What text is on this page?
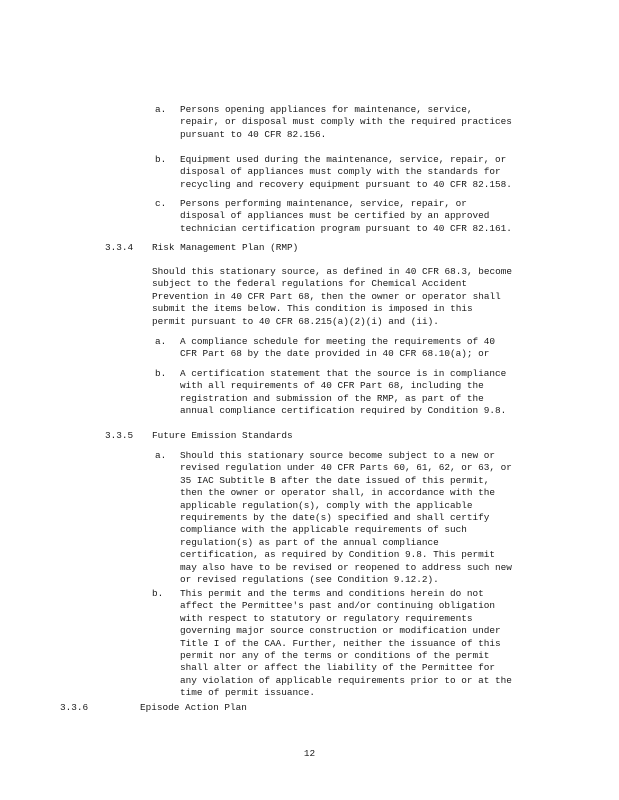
a. Persons opening appliances for maintenance, service,
repair, or disposal must comply with the required practices
pursuant to 40 CFR 82.156.
b. Equipment used during the maintenance, service, repair, or
disposal of appliances must comply with the standards for
recycling and recovery equipment pursuant to 40 CFR 82.158.
c. Persons performing maintenance, service, repair, or
disposal of appliances must be certified by an approved
technician certification program pursuant to 40 CFR 82.161.
3.3.4 Risk Management Plan (RMP)
Should this stationary source, as defined in 40 CFR 68.3, become
subject to the federal regulations for Chemical Accident
Prevention in 40 CFR Part 68, then the owner or operator shall
submit the items below. This condition is imposed in this
permit pursuant to 40 CFR 68.215(a)(2)(i) and (ii).
a. A compliance schedule for meeting the requirements of 40
CFR Part 68 by the date provided in 40 CFR 68.10(a); or
b. A certification statement that the source is in compliance
with all requirements of 40 CFR Part 68, including the
registration and submission of the RMP, as part of the
annual compliance certification required by Condition 9.8.
3.3.5 Future Emission Standards
a. Should this stationary source become subject to a new or
revised regulation under 40 CFR Parts 60, 61, 62, or 63, or
35 IAC Subtitle B after the date issued of this permit,
then the owner or operator shall, in accordance with the
applicable regulation(s), comply with the applicable
requirements by the date(s) specified and shall certify
compliance with the applicable requirements of such
regulation(s) as part of the annual compliance
certification, as required by Condition 9.8. This permit
may also have to be revised or reopened to address such new
or revised regulations (see Condition 9.12.2).
b. This permit and the terms and conditions herein do not
affect the Permittee's past and/or continuing obligation
with respect to statutory or regulatory requirements
governing major source construction or modification under
Title I of the CAA. Further, neither the issuance of this
permit nor any of the terms or conditions of the permit
shall alter or affect the liability of the Permittee for
any violation of applicable requirements prior to or at the
time of permit issuance.
3.3.6	Episode Action Plan
12
